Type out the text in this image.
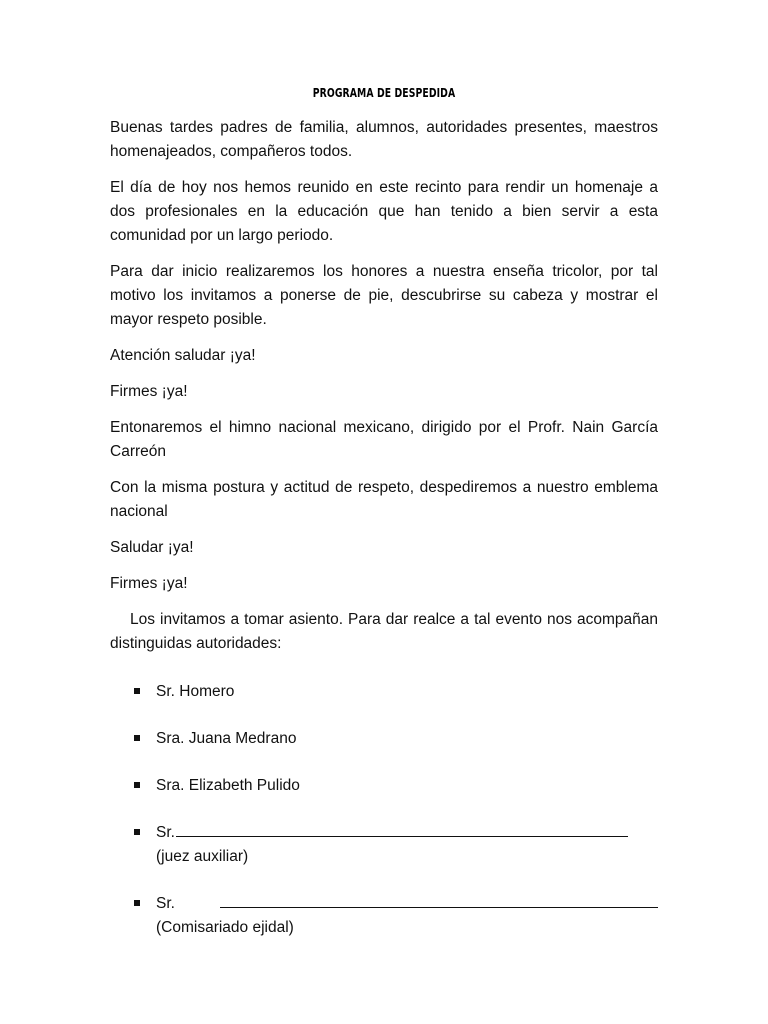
PROGRAMA DE DESPEDIDA

Buenas tardes padres de familia, alumnos, autoridades presentes, maestros homenajeados, compañeros todos.

El día de hoy nos hemos reunido en este recinto para rendir un homenaje a dos profesionales en la educación que han tenido a bien servir a esta comunidad por un largo periodo.

Para dar inicio realizaremos los honores a nuestra enseña tricolor, por tal motivo los invitamos a ponerse de pie, descubrirse su cabeza y mostrar el mayor respeto posible.

Atención saludar ¡ya!

Firmes ¡ya!

Entonaremos el himno nacional mexicano, dirigido por el Profr. Nain García Carreón

Con la misma postura y actitud de respeto, despediremos a nuestro emblema nacional

Saludar ¡ya!

Firmes ¡ya!

Los invitamos a tomar asiento. Para dar realce a tal evento nos acompañan distinguidas autoridades:

Sr. Homero
Sra. Juana Medrano
Sra. Elizabeth Pulido
Sr.
(juez auxiliar)
Sr.
(Comisariado ejidal)
